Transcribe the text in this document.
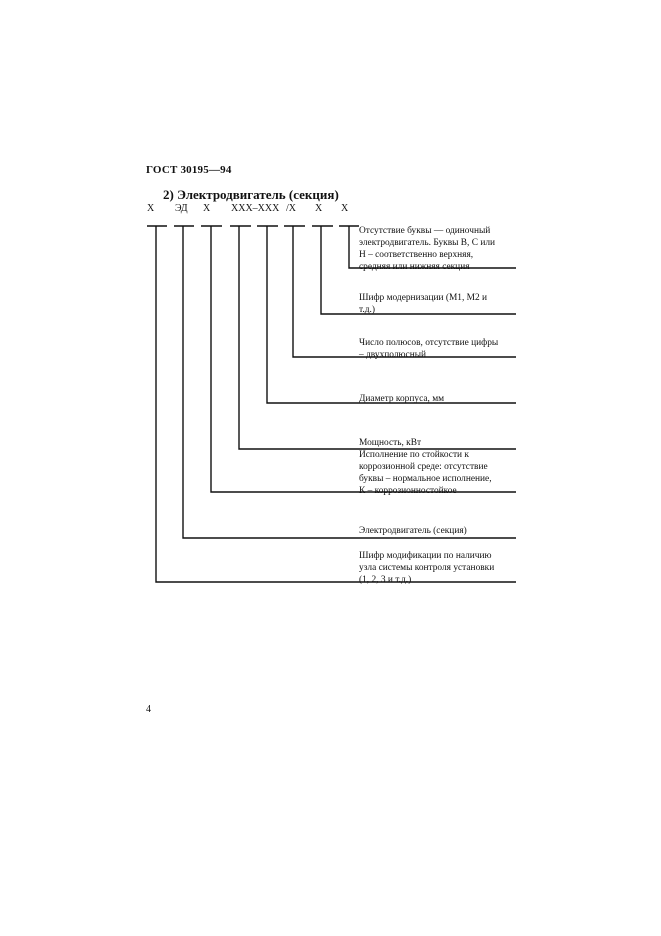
ГОСТ 30195—94
2) Электродвигатель (секция)
X ЭД X XXX–XXX /X X X
Отсутствие буквы — одиночный
электродвигатель. Буквы В, С или
Н – соответственно верхняя,
средняя или нижняя секция
Шифр модернизации (М1, М2 и
т.д.)
Число полюсов, отсутствие цифры
– двухполюсный
Диаметр корпуса, мм
Мощность, кВт
Исполнение по стойкости к
коррозионной среде: отсутствие
буквы – нормальное исполнение,
К – коррозионностойкое
Электродвигатель (секция)
Шифр модификации по наличию
узла системы контроля установки
(1, 2, 3 и т.д.)
4
